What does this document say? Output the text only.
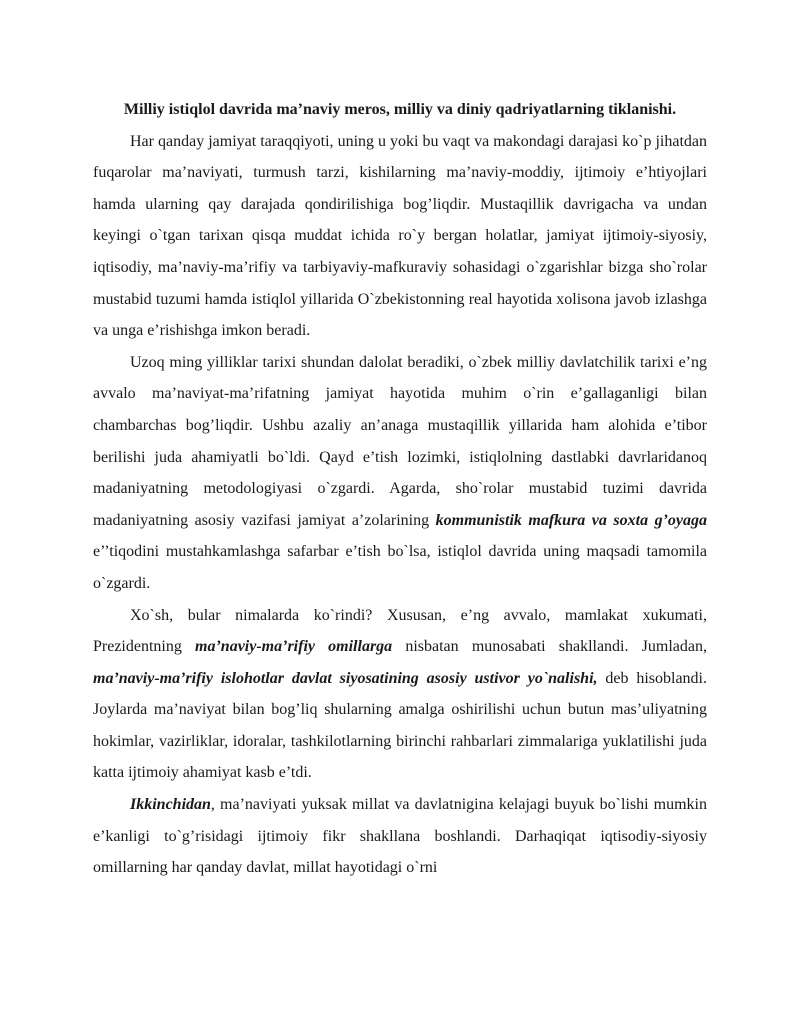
Milliy istiqlol davrida ma’naviy meros, milliy va diniy qadriyatlarning tiklanishi.

Har qanday jamiyat taraqqiyoti, uning u yoki bu vaqt va makondagi darajasi ko`p jihatdan fuqarolar ma’naviyati, turmush tarzi, kishilarning ma’naviy-moddiy, ijtimoiy e’htiyojlari hamda ularning qay darajada qondirilishiga bog’liqdir. Mustaqillik davrigacha va undan keyingi o`tgan tarixan qisqa muddat ichida ro`y bergan holatlar, jamiyat ijtimoiy-siyosiy, iqtisodiy, ma’naviy-ma’rifiy va tarbiyaviy-mafkuraviy sohasidagi o`zgarishlar bizga sho`rolar mustabid tuzumi hamda istiqlol yillarida O`zbekistonning real hayotida xolisona javob izlashga va unga e’rishishga imkon beradi.

Uzoq ming yilliklar tarixi shundan dalolat beradiki, o`zbek milliy davlatchilik tarixi e’ng avvalo ma’naviyat-ma’rifatning jamiyat hayotida muhim o`rin e’gallaganligi bilan chambarchas bog’liqdir. Ushbu azaliy an’anaga mustaqillik yillarida ham alohida e’tibor berilishi juda ahamiyatli bo`ldi. Qayd e’tish lozimki, istiqlolning dastlabki davrlaridanoq madaniyatning metodologiyasi o`zgardi. Agarda, sho`rolar mustabid tuzimi davrida madaniyatning asosiy vazifasi jamiyat a’zolarining kommunistik mafkura va soxta g’oyaga e’’tiqodini mustahkamlashga safarbar e’tish bo`lsa, istiqlol davrida uning maqsadi tamomila o`zgardi.

Xo`sh, bular nimalarda ko`rindi? Xususan, e’ng avvalo, mamlakat xukumati, Prezidentning ma’naviy-ma’rifiy omillarga nisbatan munosabati shakllandi. Jumladan, ma’naviy-ma’rifiy islohotlar davlat siyosatining asosiy ustivor yo`nalishi, deb hisoblandi. Joylarda ma’naviyat bilan bog’liq shularning amalga oshirilishi uchun butun mas’uliyatning hokimlar, vazirliklar, idoralar, tashkilotlarning birinchi rahbarlari zimmalariga yuklatilishi juda katta ijtimoiy ahamiyat kasb e’tdi.

Ikkinchidan, ma’naviyati yuksak millat va davlatnigina kelajagi buyuk bo`lishi mumkin e’kanligi to`g’risidagi ijtimoiy fikr shakllana boshlandi. Darhaqiqat iqtisodiy-siyosiy omillarning har qanday davlat, millat hayotidagi o`rni
